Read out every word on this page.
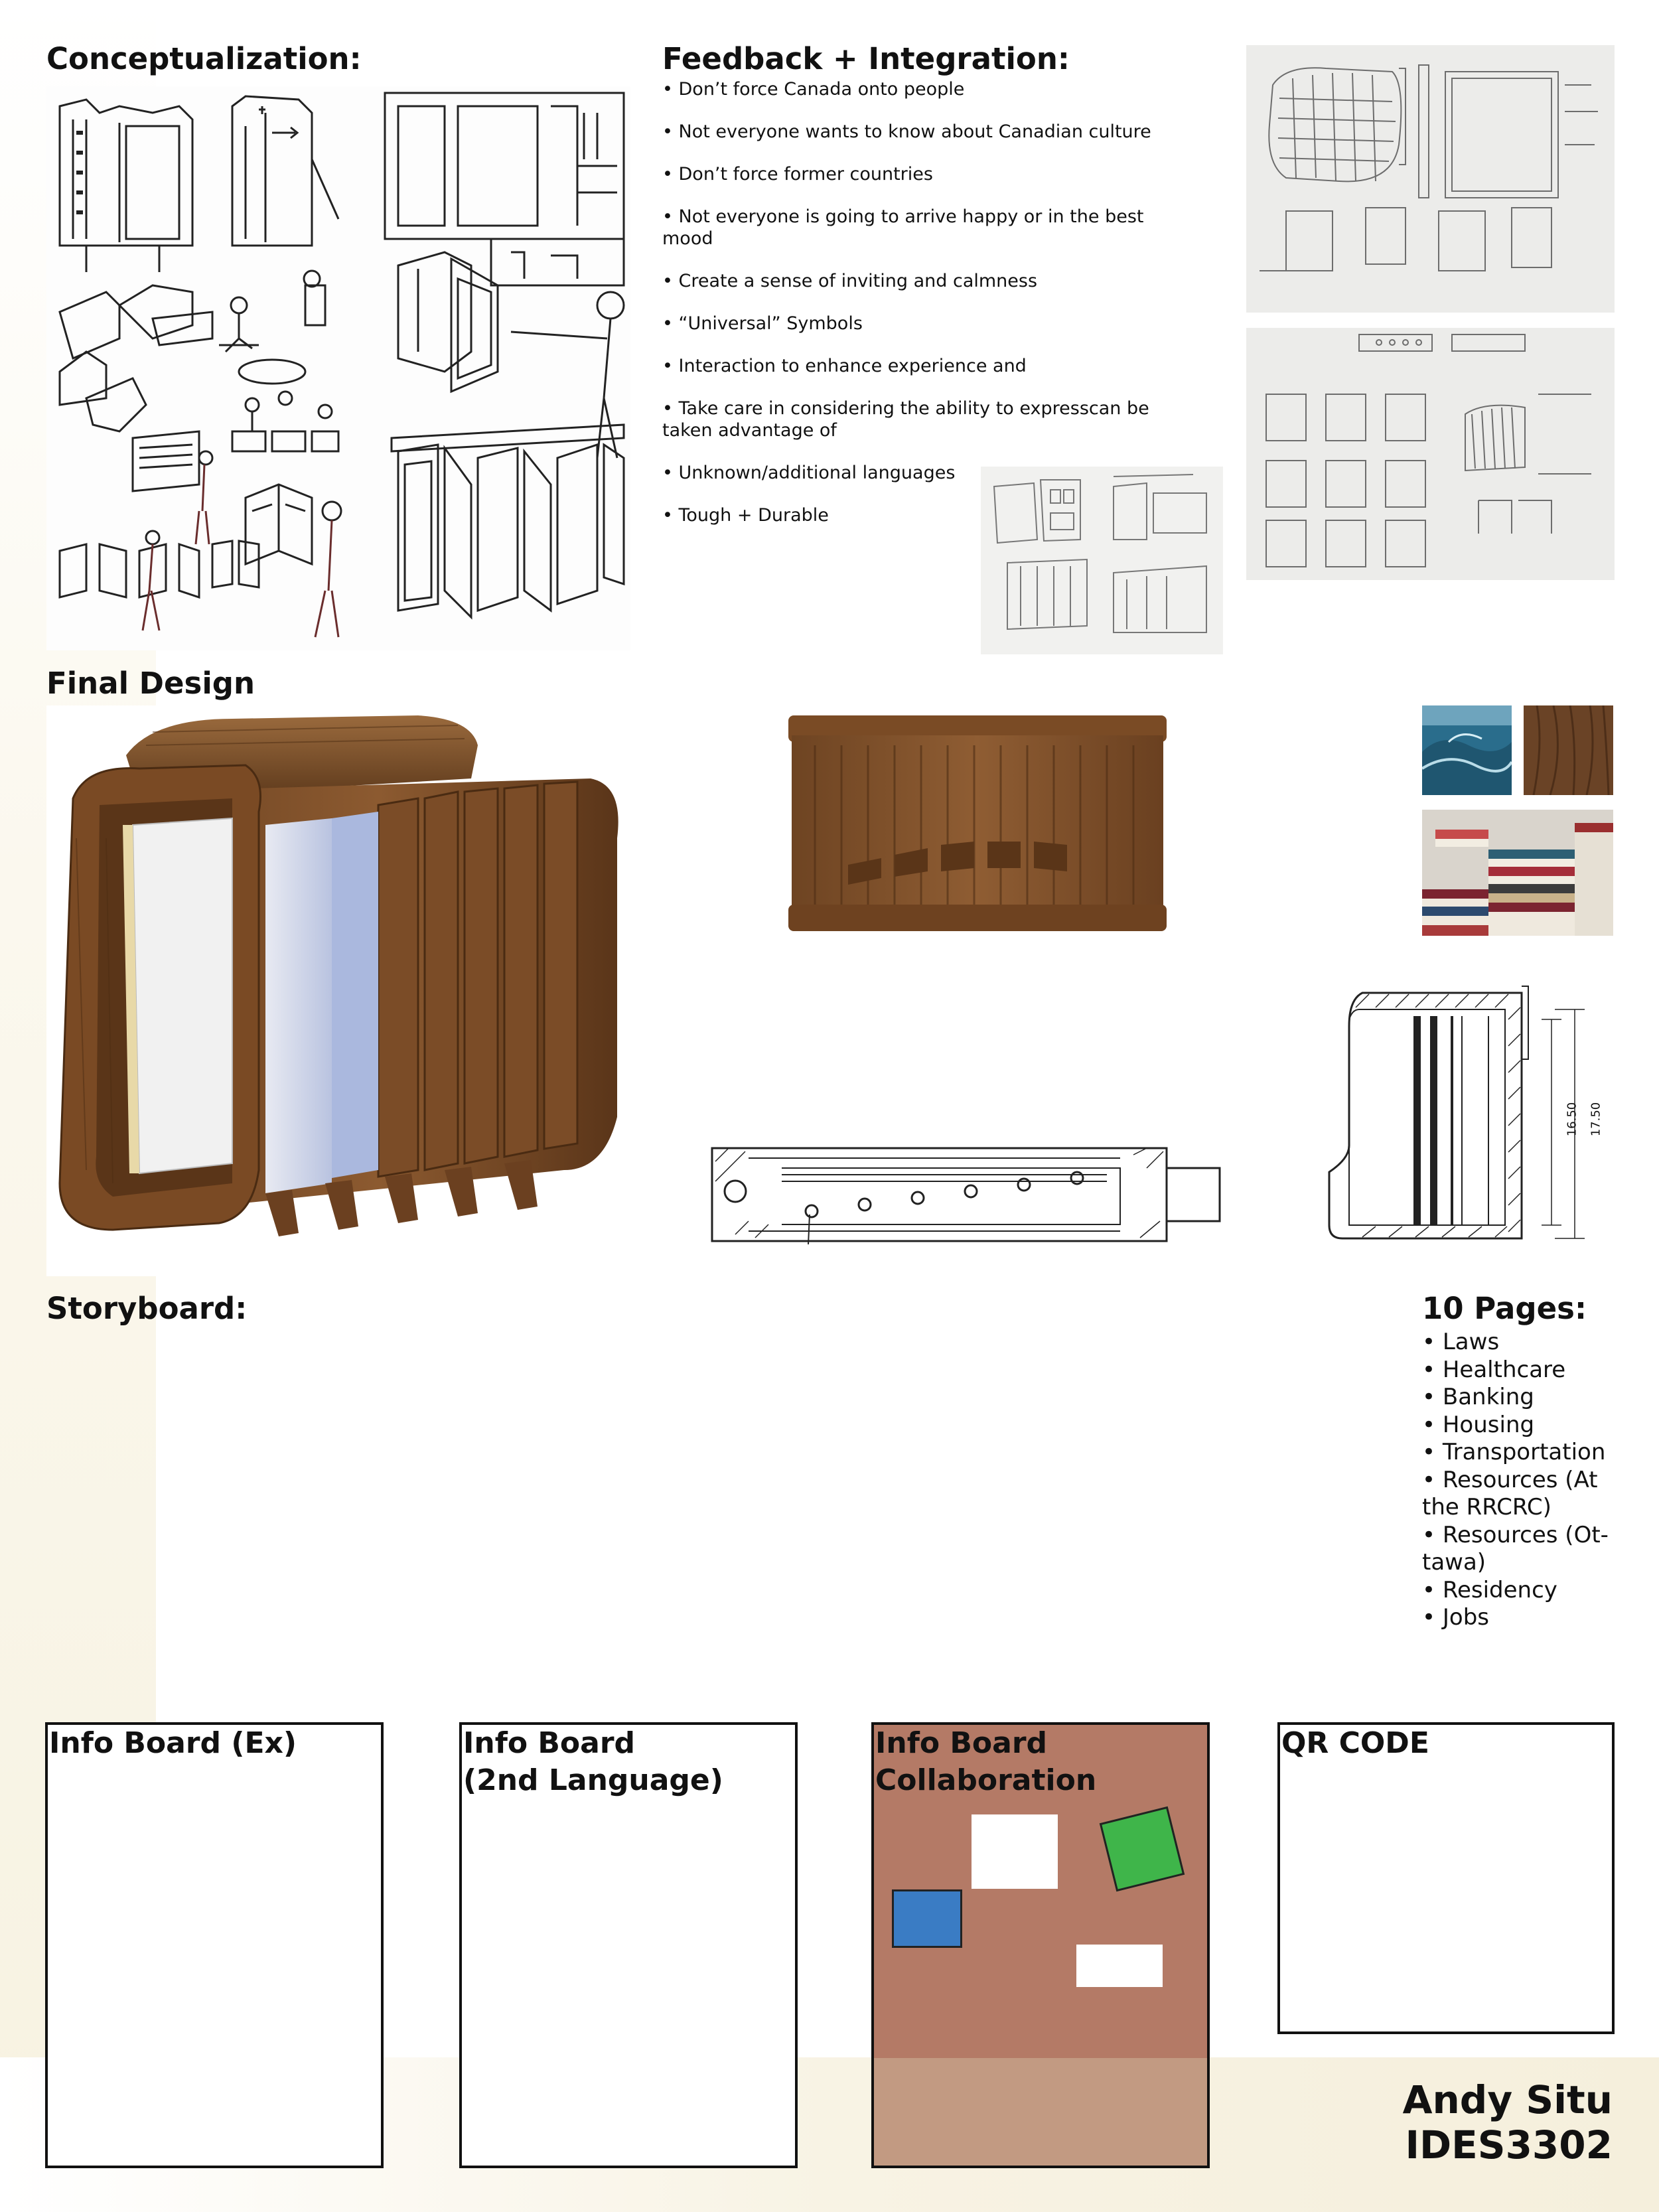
Conceptualization:	Feedback + Integration:

• Don’t force Canada onto people

• Not everyone wants to know about Canadian culture

• Don’t force former countries

• Not everyone is going to arrive happy or in the best mood

• Create a sense of inviting and calmness

• “Universal” Symbols

• Interaction to enhance experience and

• Take care in considering the ability to expresscan be taken advantage of

• Unknown/additional languages

• Tough + Durable

Final Design
16.50 17.50
Storyboard:	10 Pages:

• Laws

• Healthcare

• Banking

• Housing

• Transportation

• Resources (At the RRCRC)

• Resources (Ot-tawa)

• Residency

• Jobs

Info Board (Ex)	Info Board
(2nd Language)
Info Board
Collaboration
QR CODE
Andy Situ
IDES3302
